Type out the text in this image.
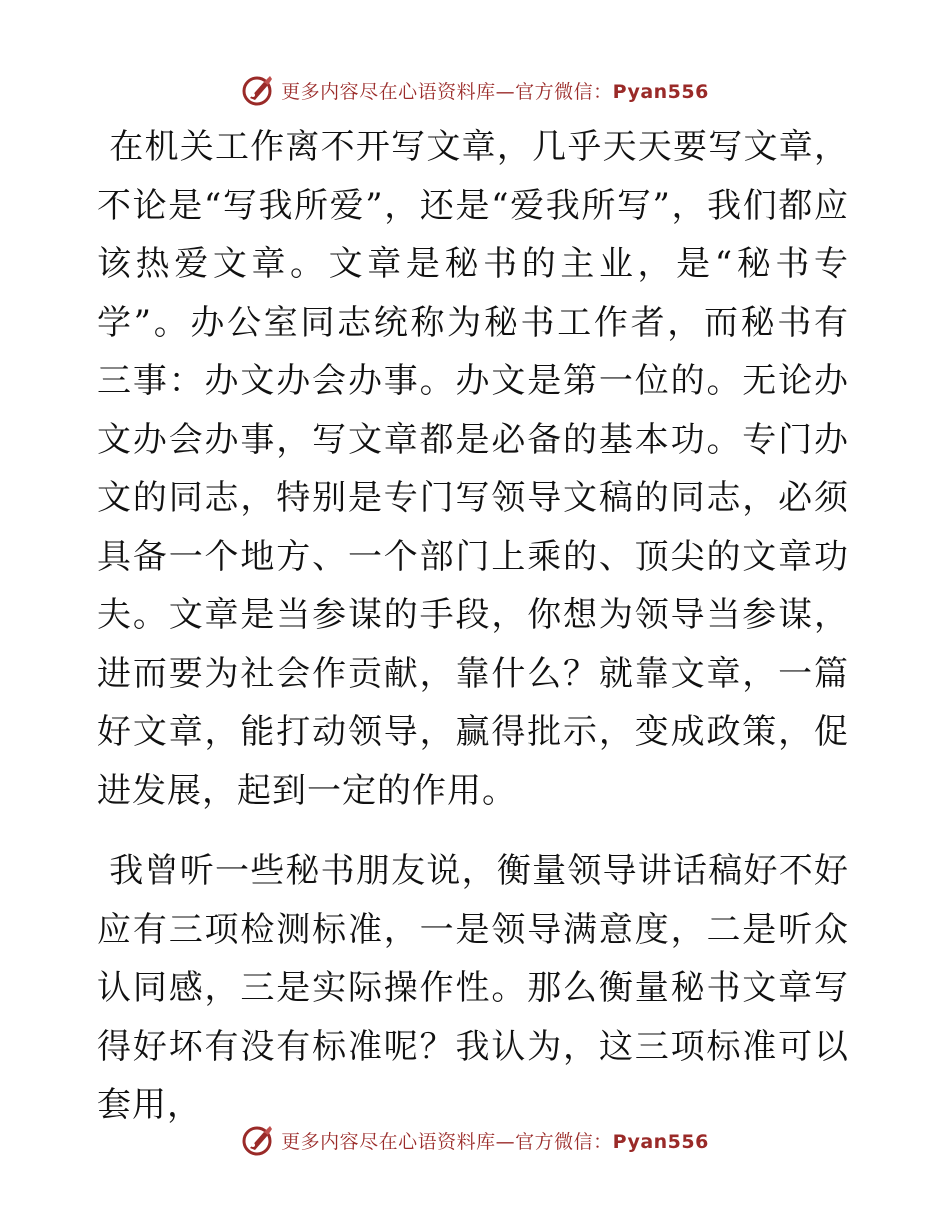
更多内容尽在心语资料库—官方微信：Pyan556

在机关工作离不开写文章，几乎天天要写文章，不论是“写我所爱”，还是“爱我所写”，我们都应该热爱文章。文章是秘书的主业，是“秘书专学”。办公室同志统称为秘书工作者，而秘书有三事：办文办会办事。办文是第一位的。无论办文办会办事，写文章都是必备的基本功。专门办文的同志，特别是专门写领导文稿的同志，必须具备一个地方、一个部门上乘的、顶尖的文章功夫。文章是当参谋的手段，你想为领导当参谋，进而要为社会作贡献，靠什么？就靠文章，一篇好文章，能打动领导，赢得批示，变成政策，促进发展，起到一定的作用。

我曾听一些秘书朋友说，衡量领导讲话稿好不好应有三项检测标准，一是领导满意度，二是听众认同感，三是实际操作性。那么衡量秘书文章写得好坏有没有标准呢？我认为，这三项标准可以套用，

更多内容尽在心语资料库—官方微信：Pyan556
